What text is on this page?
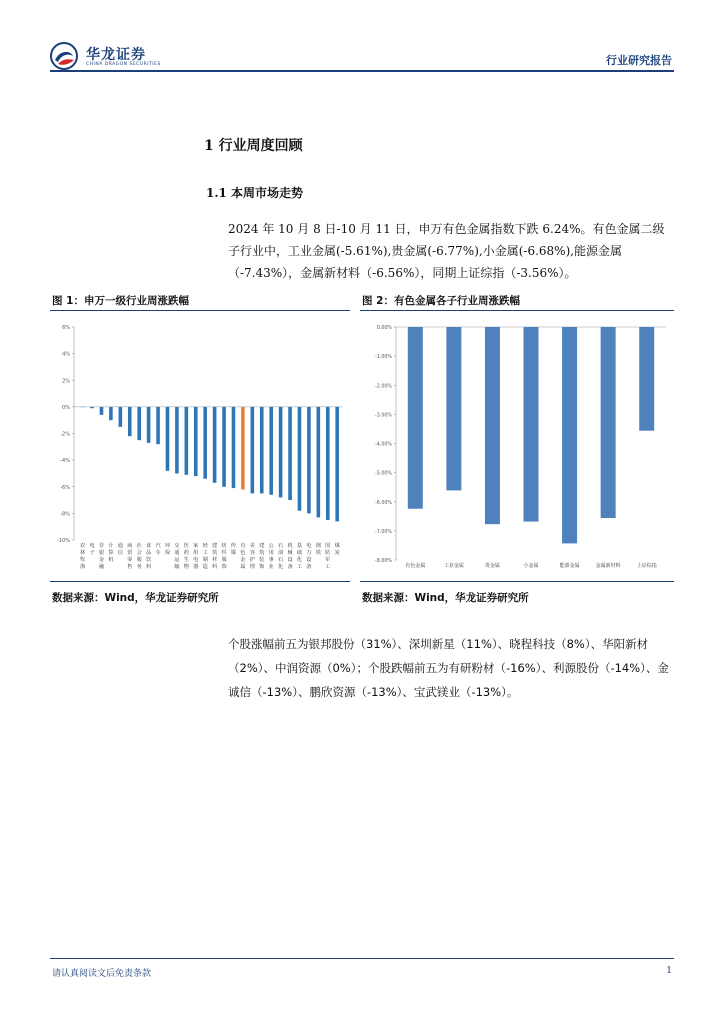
华龙证券
CHINA DRAGON SECURITIES	行业研究报告
1 行业周度回顾
1.1 本周市场走势
2024 年 10 月 8 日-10 月 11 日，申万有色金属指数下跌 6.24%。有色金属二级子行业中，工业金属(-5.61%),贵金属(-6.77%),小金属(-6.68%),能源金属（-7.43%），金属新材料（-6.56%），同期上证综指（-3.56%）。
图 1：申万一级行业周涨跌幅	图 2：有色金属各子行业周涨跌幅
6%
4%
2%
0%
-2%
-4%
-6%
-8%
-10%
农
林
牧
渔
电
子
非
银
金
融
计
算
机
通
信
商
贸
零
售
社
会
服
务
食
品
饮
料
汽
车
环
保
交
通
运
输
医
药
生
物
家
用
电
器
轻
工
制
造
建
筑
材
料
纺
织
服
饰
传
媒
有
色
金
属
美
容
护
理
建
筑
装
饰
公
用
事
业
石
油
石
化
机
械
设
备
基
础
化
工
电
力
设
备
钢
铁
国
防
军
工
煤
炭
0.00%
-1.00%
-2.00%
-3.00%
-4.00%
-5.00%
-6.00%
-7.00%
-8.00%
有色金属	工业金属	贵金属	小金属	能源金属	金属新材料	上证综指
数据来源：Wind，华龙证券研究所	数据来源：Wind，华龙证券研究所
个股涨幅前五为银邦股份（31%）、深圳新星（11%）、晓程科技（8%）、华阳新材（2%）、中润资源（0%）；个股跌幅前五为有研粉材（-16%）、利源股份（-14%）、金诚信（-13%）、鹏欣资源（-13%）、宝武镁业（-13%）。
请认真阅读文后免责条款	1
